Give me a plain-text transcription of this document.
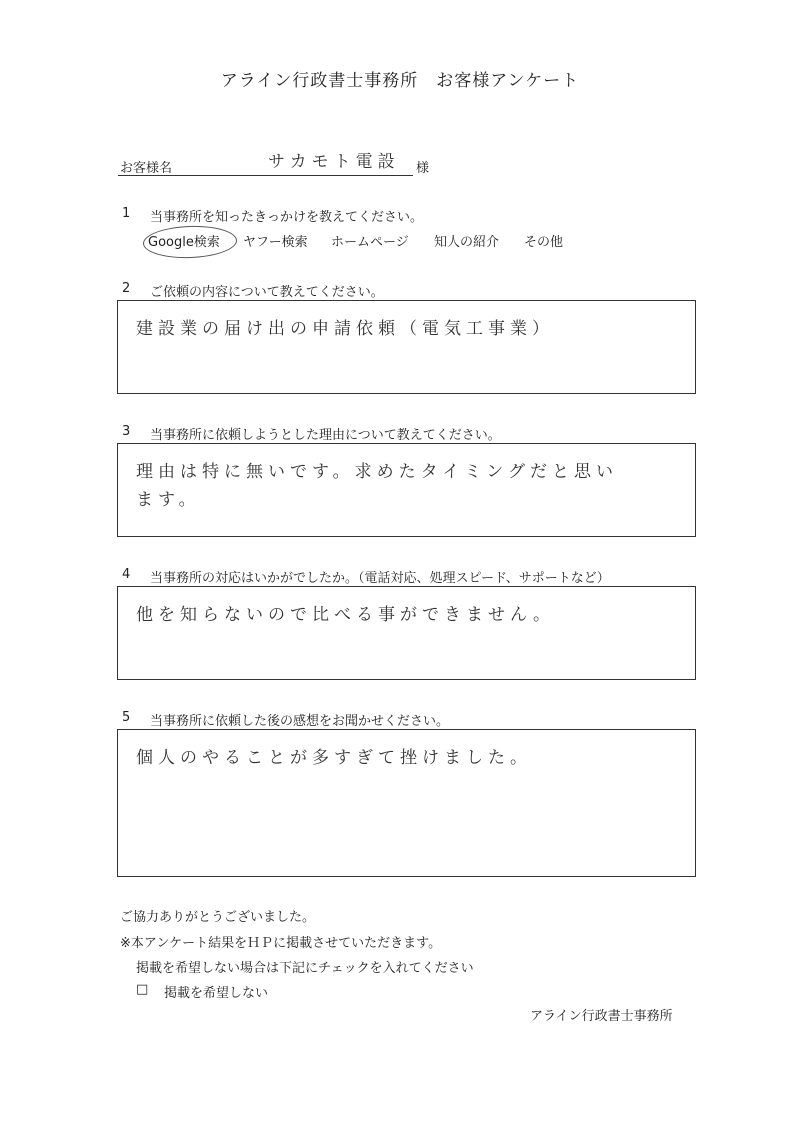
アライン行政書士事務所　お客様アンケート
お客様名	サカモト電設 様
1 当事務所を知ったきっかけを教えてください。
Google検索 ヤフー検索 ホームページ 知人の紹介 その他
2 ご依頼の内容について教えてください。
建設業の届け出の申請依頼（電気工事業）
3 当事務所に依頼しようとした理由について教えてください。
理由は特に無いです。求めたタイミングだと思い
ます。
4 当事務所の対応はいかがでしたか。（電話対応、処理スピード、サポートなど）
他を知らないので比べる事ができません。
5 当事務所に依頼した後の感想をお聞かせください。
個人のやることが多すぎて挫けました。
ご協力ありがとうございました。
※本アンケート結果をＨＰに掲載させていただきます。
掲載を希望しない場合は下記にチェックを入れてください
□ 掲載を希望しない
アライン行政書士事務所
